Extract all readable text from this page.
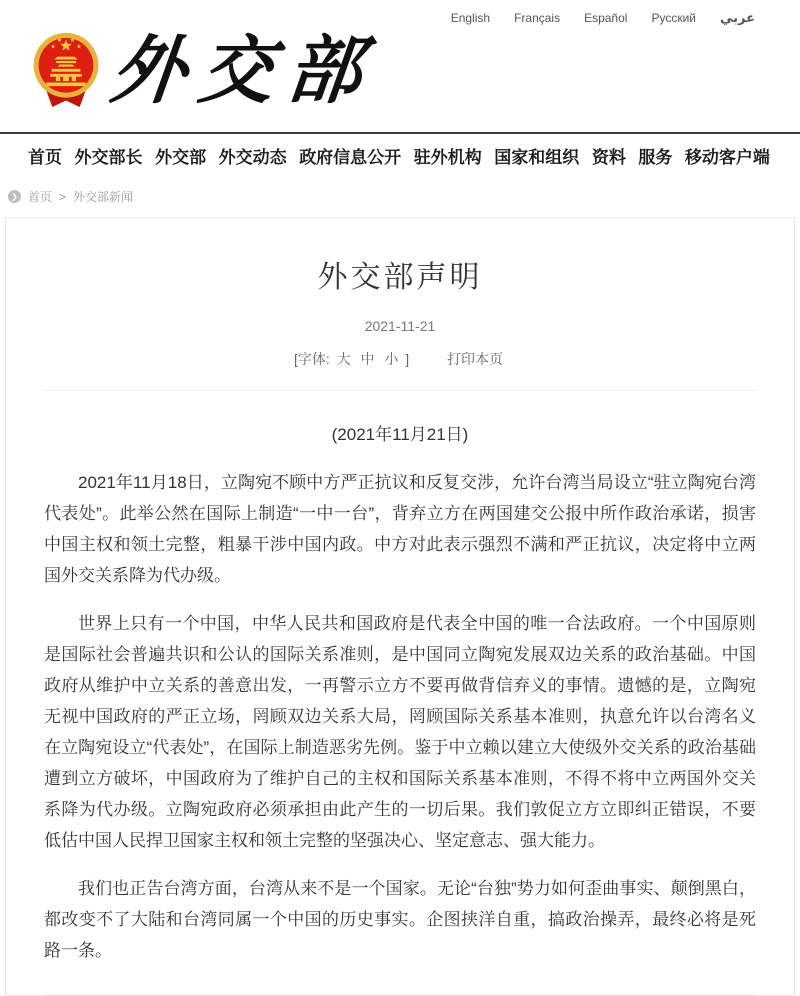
English Français Español Русский عربي
外交部
首页 外交部长 外交部 外交动态 政府信息公开 驻外机构 国家和组织 资料 服务 移动客户端
❯ 首页 > 外交部新闻
外交部声明
2021-11-21
[字体: 大 中 小 ]	打印本页

(2021年11月21日)

2021年11月18日，立陶宛不顾中方严正抗议和反复交涉，允许台湾当局设立“驻立陶宛台湾代表处”。此举公然在国际上制造“一中一台”，背弃立方在两国建交公报中所作政治承诺，损害中国主权和领土完整，粗暴干涉中国内政。中方对此表示强烈不满和严正抗议，决定将中立两国外交关系降为代办级。

世界上只有一个中国，中华人民共和国政府是代表全中国的唯一合法政府。一个中国原则是国际社会普遍共识和公认的国际关系准则，是中国同立陶宛发展双边关系的政治基础。中国政府从维护中立关系的善意出发，一再警示立方不要再做背信弃义的事情。遗憾的是，立陶宛无视中国政府的严正立场，罔顾双边关系大局，罔顾国际关系基本准则，执意允许以台湾名义在立陶宛设立“代表处”，在国际上制造恶劣先例。鉴于中立赖以建立大使级外交关系的政治基础遭到立方破坏，中国政府为了维护自己的主权和国际关系基本准则，不得不将中立两国外交关系降为代办级。立陶宛政府必须承担由此产生的一切后果。我们敦促立方立即纠正错误，不要低估中国人民捍卫国家主权和领土完整的坚强决心、坚定意志、强大能力。

我们也正告台湾方面，台湾从来不是一个国家。无论“台独”势力如何歪曲事实、颠倒黑白，都改变不了大陆和台湾同属一个中国的历史事实。企图挟洋自重，搞政治操弄，最终必将是死路一条。
